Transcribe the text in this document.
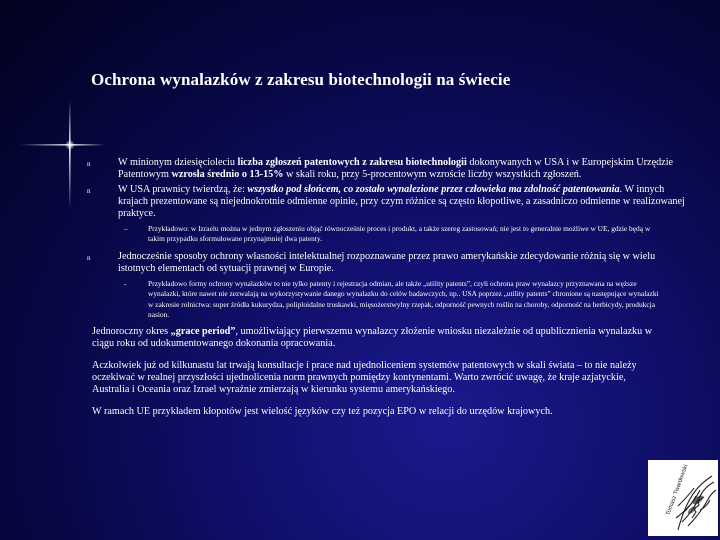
Ochrona wynalazków z zakresu biotechnologii na świecie
n	W minionym dziesięcioleciu liczba zgłoszeń patentowych z zakresu biotechnologii dokonywanych w USA i w Europejskim Urzędzie Patentowym wzrosła średnio o 13-15% w skali roku, przy 5-procentowym wzroście liczby wszystkich zgłoszeń.
n	W USA prawnicy twierdzą, że: wszystko pod słońcem, co zostało wynalezione przez człowieka ma zdolność patentowania. W innych krajach prezentowane są niejednokrotnie odmienne opinie, przy czym różnice są często kłopotliwe, a zasadniczo odmienne w realizowanej praktyce.
–	Przykładowo: w Izraelu można w jednym zgłoszeniu objąć równocześnie proces i produkt, a także szereg zastosowań; nie jest to generalnie możliwe w UE, gdzie będą w takim przypadku sformułowane przynajmniej dwa patenty.
n	Jednocześnie sposoby ochrony własności intelektualnej rozpoznawane przez prawo amerykańskie zdecydowanie różnią się w wielu istotnych elementach od sytuacji prawnej w Europie.
-	Przykładowo formy ochrony wynalazków to nie tylko patenty i rejestracja odmian, ale także „utility patents”, czyli ochrona praw wynalazcy przyznawana na węższe wynalazki, które nawet nie zezwalają na wykorzystywanie danego wynalazku do celów badawczych, np.. USA poprzez „utility patents” chronione są następujące wynalazki w zakresie rolnictwa: super źródła kukurydza, poliploidalne truskawki, mięsożerstwylny rzepak, odporność pewnych roślin na choroby, odporność na herbicydy, produkcja nasion.
Jednoroczny okres „grace period”, umożliwiający pierwszemu wynalazcy złożenie wniosku niezależnie od upublicznienia wynalazku w ciągu roku od udokumentowanego dokonania opracowania.
Aczkolwiek już od kilkunastu lat trwają konsultacje i prace nad ujednoliceniem systemów patentowych w skali świata – to nie należy oczekiwać w realnej przyszłości ujednolicenia norm prawnych pomiędzy kontynentami. Warto zwrócić uwagę, że kraje azjatyckie, Australia i Oceania oraz Izrael wyraźnie zmierzają w kierunku systemu amerykańskiego.
W ramach UE przykładem kłopotów jest wielość języków czy też pozycja EPO w relacji do urzędów krajowych.
Tomasz Twardowski
